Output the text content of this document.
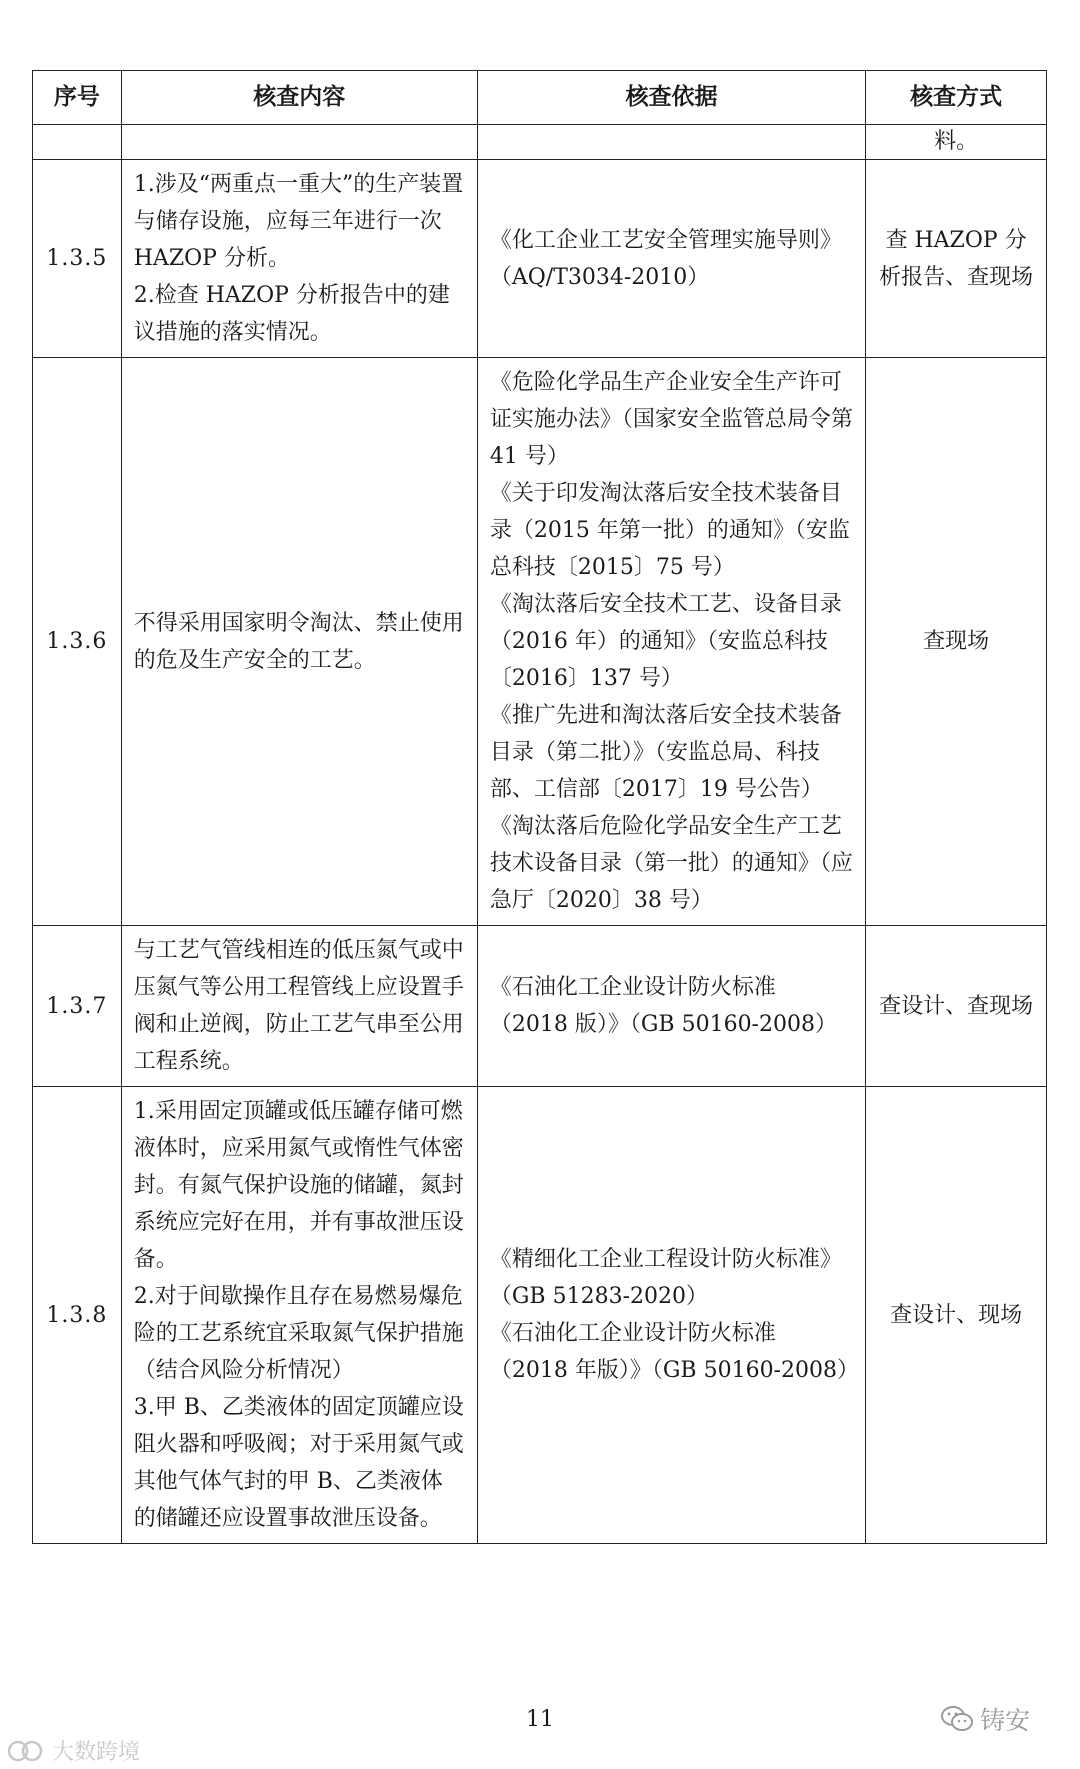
序号	核查内容	核查依据	核查方式
			料。
1.3.5	1.涉及“两重点一重大”的生产装置与储存设施，应每三年进行一次 HAZOP 分析。
2.检查 HAZOP 分析报告中的建议措施的落实情况。	《化工企业工艺安全管理实施导则》（AQ/T3034-2010）	查 HAZOP 分析报告、查现场
1.3.6	不得采用国家明令淘汰、禁止使用的危及生产安全的工艺。	《危险化学品生产企业安全生产许可证实施办法》（国家安全监管总局令第 41 号）
《关于印发淘汰落后安全技术装备目录（2015 年第一批）的通知》（安监总科技〔2015〕75 号）
《淘汰落后安全技术工艺、设备目录（2016 年）的通知》（安监总科技〔2016〕137 号）
《推广先进和淘汰落后安全技术装备目录（第二批）》（安监总局、科技部、工信部〔2017〕19 号公告）
《淘汰落后危险化学品安全生产工艺技术设备目录（第一批）的通知》（应急厅〔2020〕38 号）	查现场
1.3.7	与工艺气管线相连的低压氮气或中压氮气等公用工程管线上应设置手阀和止逆阀，防止工艺气串至公用工程系统。	《石油化工企业设计防火标准（2018 版）》（GB 50160-2008）	查设计、查现场
1.3.8	1.采用固定顶罐或低压罐存储可燃液体时，应采用氮气或惰性气体密封。有氮气保护设施的储罐，氮封系统应完好在用，并有事故泄压设备。
2.对于间歇操作且存在易燃易爆危险的工艺系统宜采取氮气保护措施（结合风险分析情况）
3.甲 B、乙类液体的固定顶罐应设阻火器和呼吸阀；对于采用氮气或其他气体气封的甲 B、乙类液体的储罐还应设置事故泄压设备。	《精细化工企业工程设计防火标准》（GB 51283-2020）
《石油化工企业设计防火标准（2018 年版）》（GB 50160-2008）	查设计、现场
11	铸安
大数跨境
